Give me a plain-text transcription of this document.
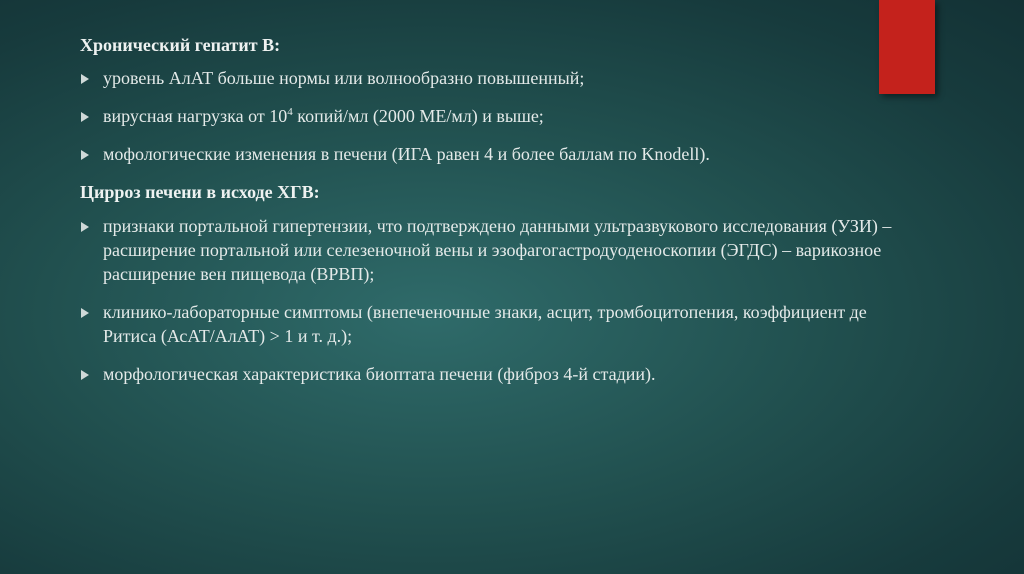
Хронический гепатит В:
уровень АлАТ больше нормы или волнообразно повышенный;
вирусная нагрузка от $10^4$ копий/мл (2000 МЕ/мл) и выше;
мофологические изменения в печени (ИГА равен 4 и более баллам по Knodell).
Цирроз печени в исходе ХГВ:
признаки портальной гипертензии, что подтверждено данными ультразвукового исследования (УЗИ) – расширение портальной или селезеночной вены и эзофагогастродуоденоскопии (ЭГДС) – варикозное расширение вен пищевода (ВРВП);
клинико-лабораторные симптомы (внепеченочные знаки, асцит, тромбоцитопения, коэффициент де Ритиса (АсАТ/АлАТ) > 1 и т. д.);
морфологическая характеристика биоптата печени (фиброз 4-й стадии).
